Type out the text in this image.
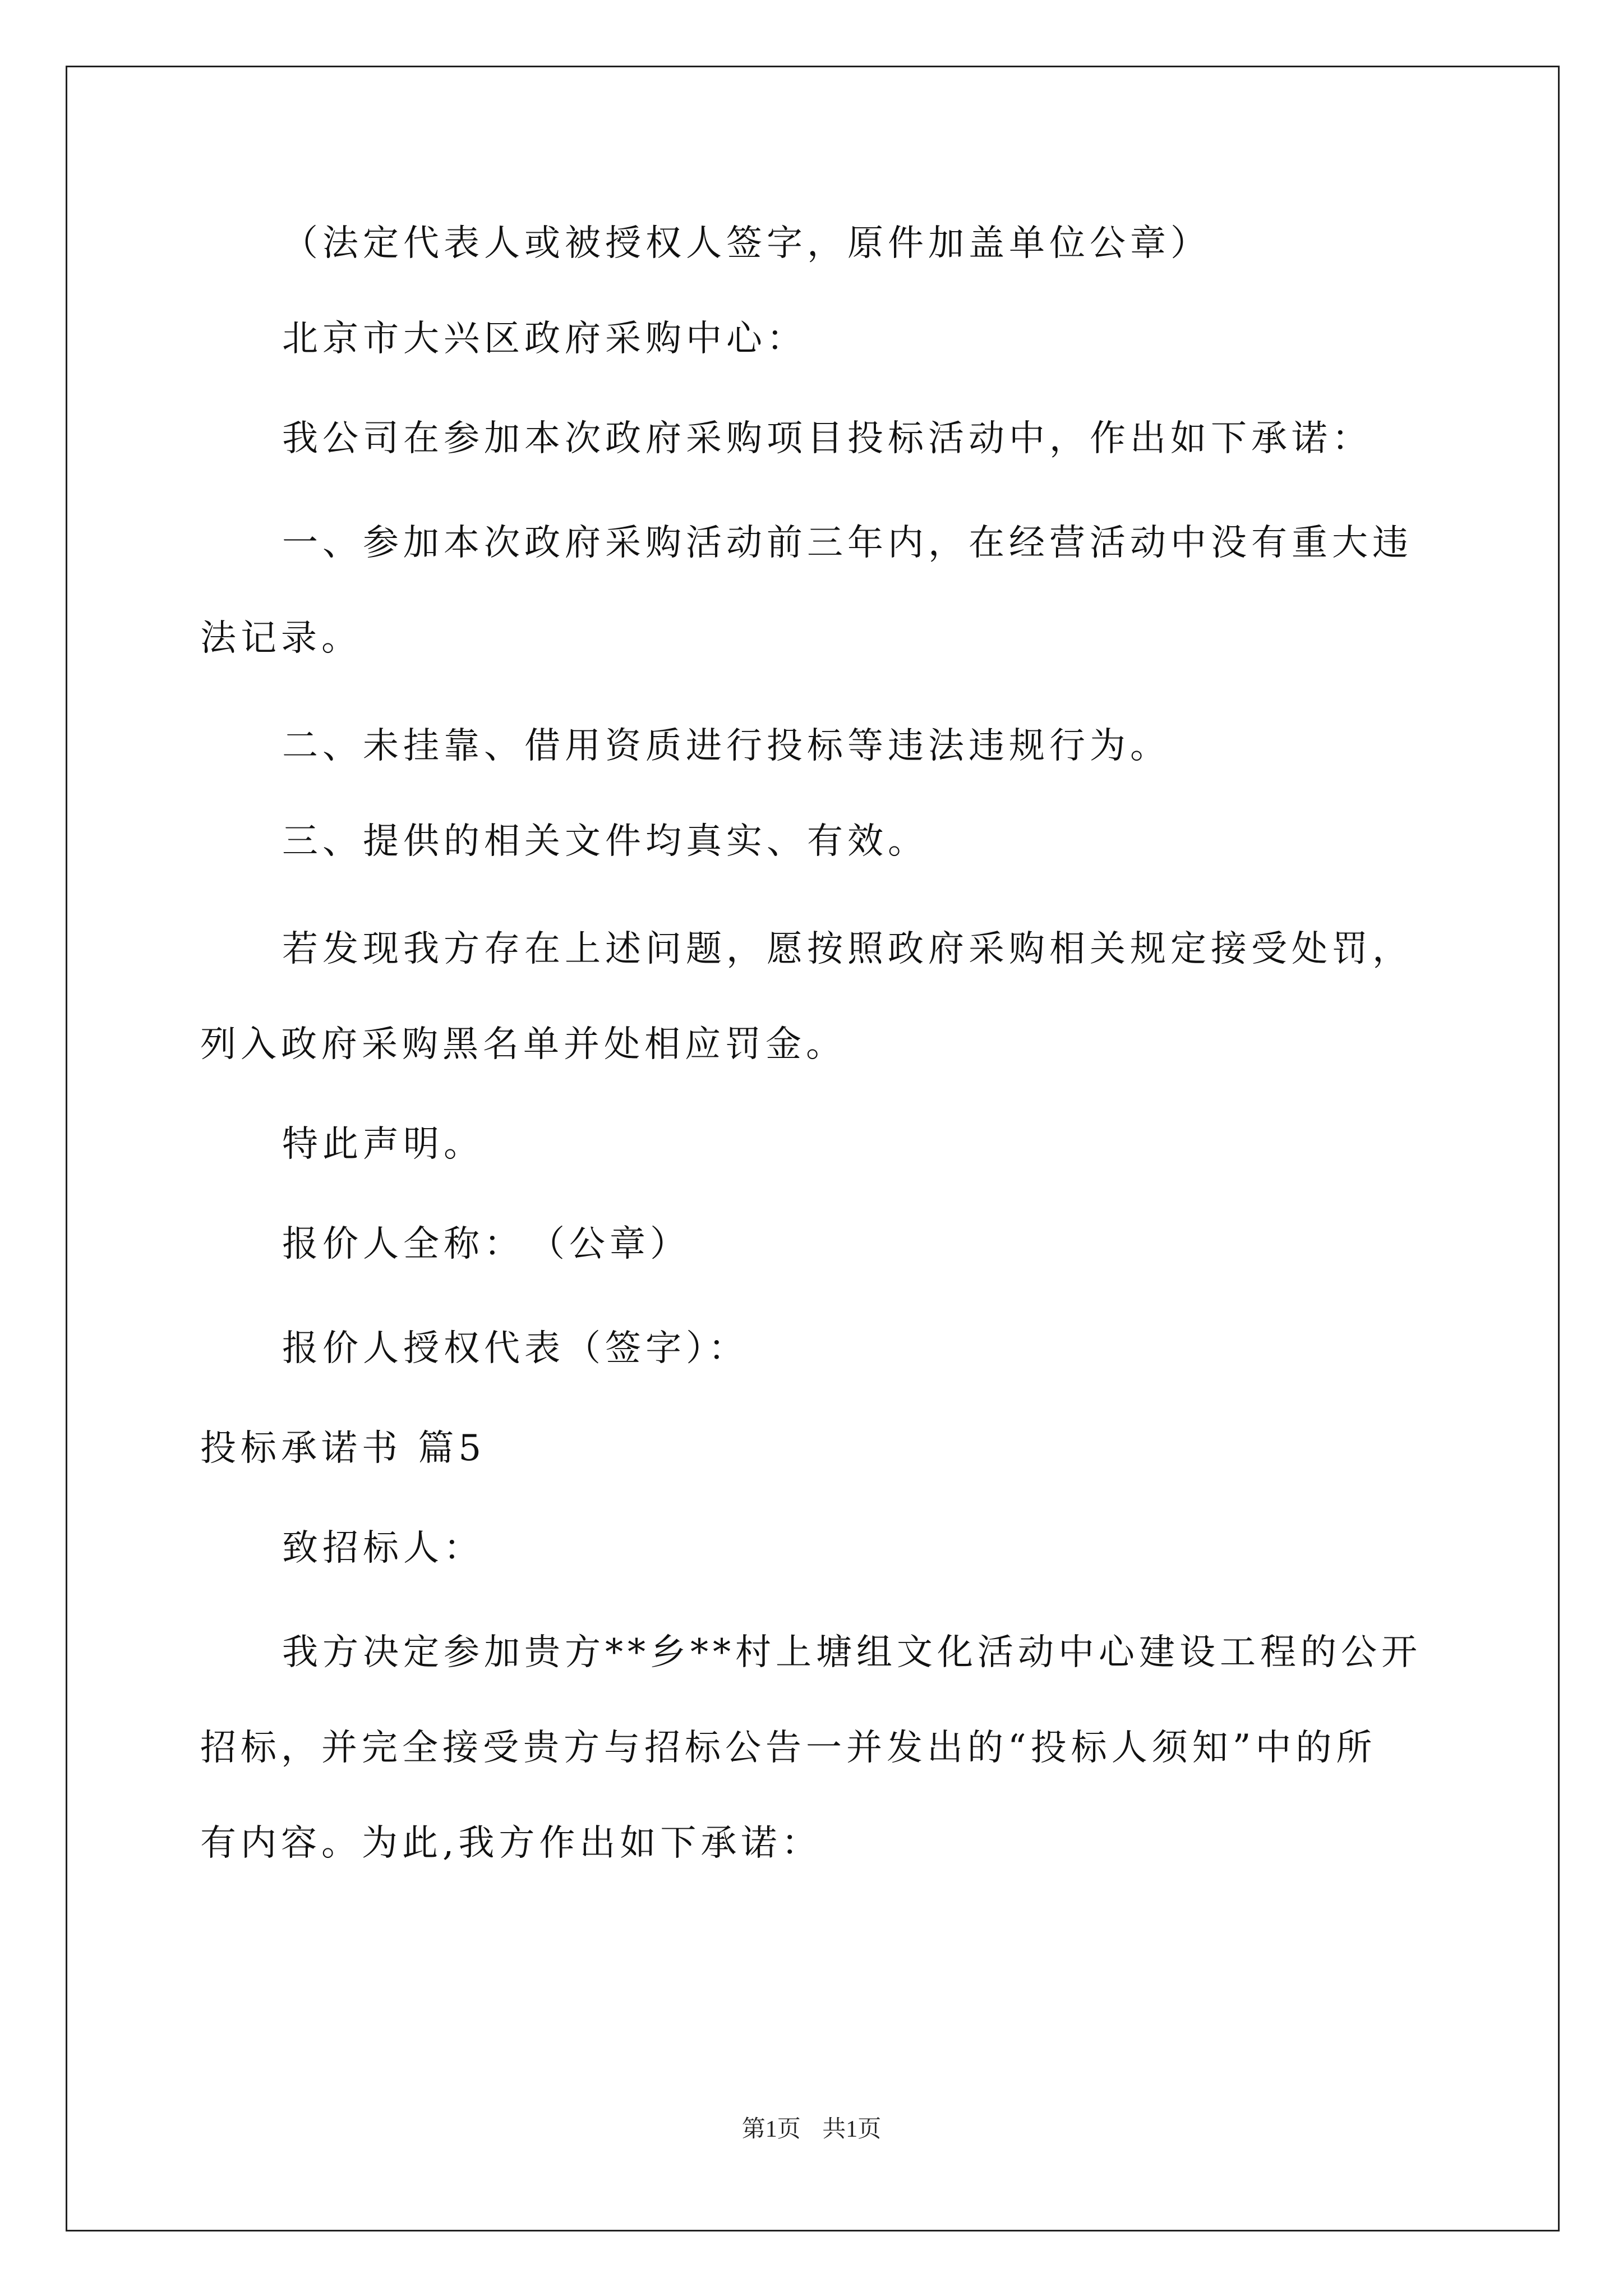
（法定代表人或被授权人签字，原件加盖单位公章）

北京市大兴区政府采购中心：

我公司在参加本次政府采购项目投标活动中，作出如下承诺：

一、参加本次政府采购活动前三年内，在经营活动中没有重大违

法记录。

二、未挂靠、借用资质进行投标等违法违规行为。

三、提供的相关文件均真实、有效。

若发现我方存在上述问题，愿按照政府采购相关规定接受处罚，

列入政府采购黑名单并处相应罚金。

特此声明。

报价人全称：　（公章）

报价人授权代表（签字）：

投标承诺书 篇5

致招标人：

我方决定参加贵方**乡**村上塘组文化活动中心建设工程的公开

招标，并完全接受贵方与招标公告一并发出的“投标人须知”中的所

有内容。为此,我方作出如下承诺：

第1页 共1页
